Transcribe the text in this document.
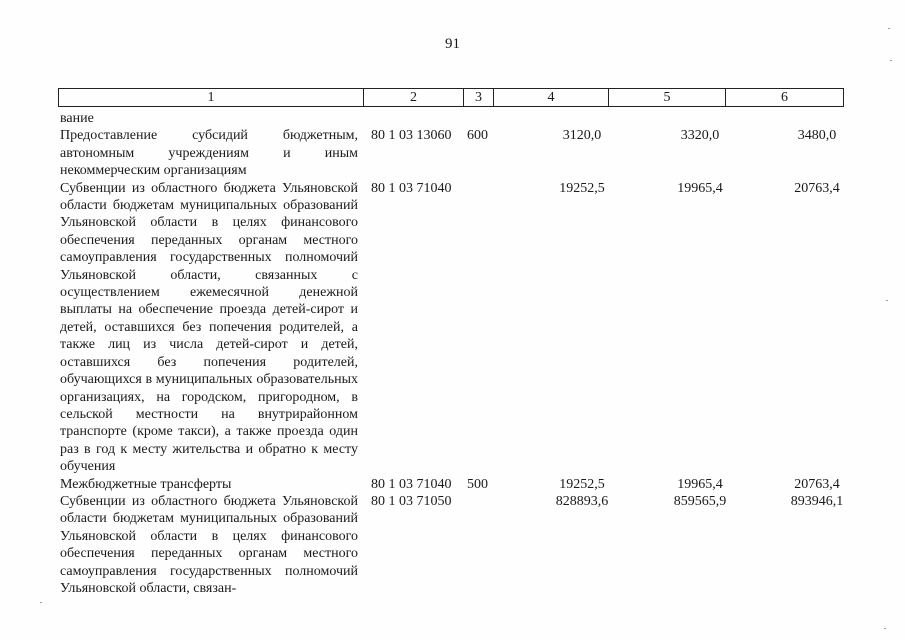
91
1	2	3	4	5	6
вание
Предоставление субсидий бюджетным, автономным учреждениям и иным некоммерческим организациям
80 1 03 13060 600	3120,0	3320,0	3480,0
Субвенции из областного бюджета Ульяновской области бюджетам муниципальных образований Ульяновской области в целях финансового обеспечения переданных органам местного самоуправления государственных полномочий Ульяновской области, связанных с осуществлением ежемесячной денежной выплаты на обеспечение проезда детей-сирот и детей, оставшихся без попечения родителей, а также лиц из числа детей-сирот и детей, оставшихся без попечения родителей, обучающихся в муниципальных образовательных организациях, на городском, пригородном, в сельской местности на внутрирайонном транспорте (кроме такси), а также проезда один раз в год к месту жительства и обратно к месту обучения
80 1 03 71040	19252,5	19965,4	20763,4
Межбюджетные трансферты	80 1 03 71040 500	19252,5	19965,4	20763,4
Субвенции из областного бюджета Ульяновской области бюджетам муниципальных образований Ульяновской области в целях финансового обеспечения переданных органам местного самоуправления государственных полномочий Ульяновской области, связан-
80 1 03 71050	828893,6	859565,9	893946,1
